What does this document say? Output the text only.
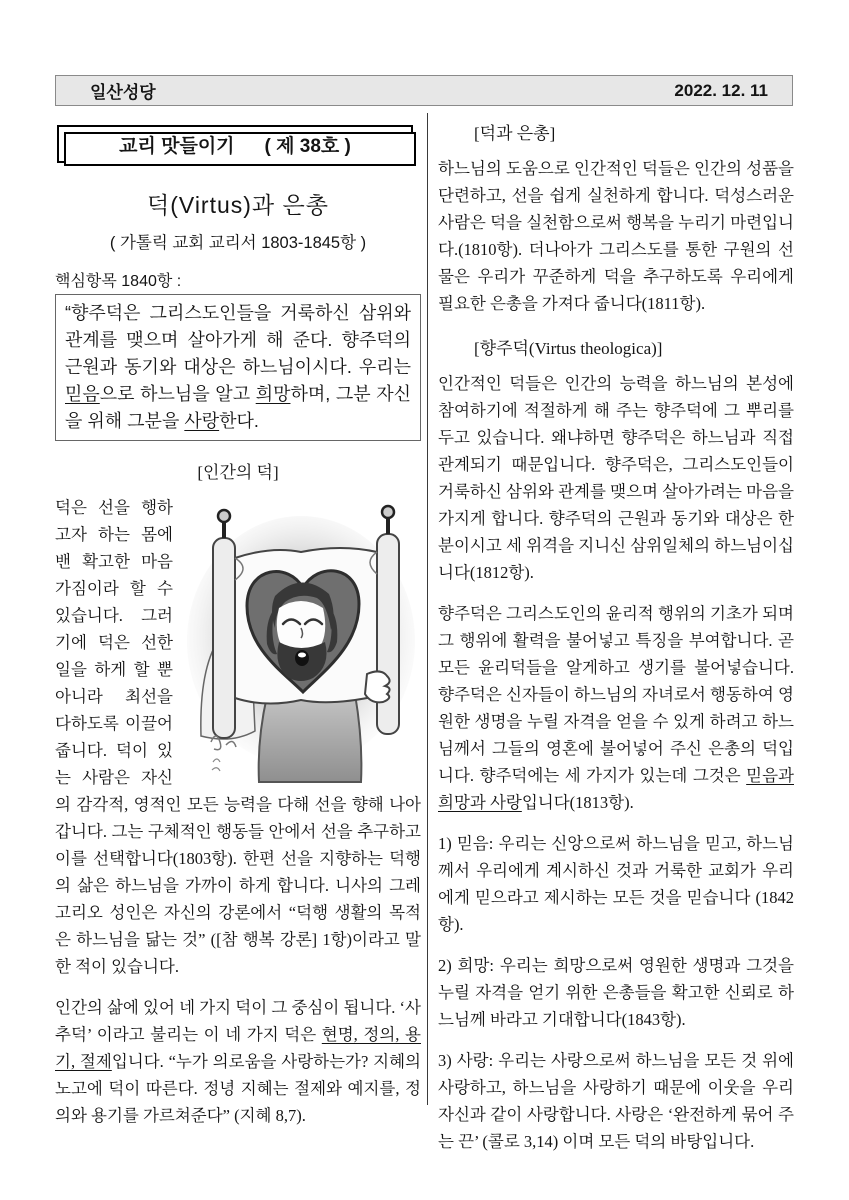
일산성당	2022. 12. 11
교리 맛들이기 ( 제 38호 )
덕(Virtus)과 은총
( 가톨릭 교회 교리서 1803-1845항 )
핵심항목 1840항 :
“향주덕은 그리스도인들을 거룩하신 삼위와 관계를 맺으며 살아가게 해 준다. 향주덕의 근원과 동기와 대상은 하느님이시다. 우리는 믿음으로 하느님을 알고 희망하며, 그분 자신을 위해 그분을 사랑한다.
[인간의 덕]
덕은 선을 행하고자 하는 몸에 밴 확고한 마음가짐이라 할 수 있습니다. 그러기에 덕은 선한 일을 하게 할 뿐 아니라 최선을 다하도록 이끌어 줍니다. 덕이 있는 사람은 자신의 감각적, 영적인 모든 능력을 다해 선을 향해 나아갑니다. 그는 구체적인 행동들 안에서 선을 추구하고 이를 선택합니다(1803항). 한편 선을 지향하는 덕행의 삶은 하느님을 가까이 하게 합니다. 니사의 그레고리오 성인은 자신의 강론에서 “덕행 생활의 목적은 하느님을 닮는 것” ([참 행복 강론] 1항)이라고 말한 적이 있습니다.
인간의 삶에 있어 네 가지 덕이 그 중심이 됩니다. ‘사추덕’ 이라고 불리는 이 네 가지 덕은 현명, 정의, 용기, 절제입니다. “누가 의로움을 사랑하는가? 지혜의 노고에 덕이 따른다. 정녕 지혜는 절제와 예지를, 정의와 용기를 가르쳐준다” (지혜 8,7).
[덕과 은총]
하느님의 도움으로 인간적인 덕들은 인간의 성품을 단련하고, 선을 쉽게 실천하게 합니다. 덕성스러운 사람은 덕을 실천함으로써 행복을 누리기 마련입니다.(1810항). 더나아가 그리스도를 통한 구원의 선물은 우리가 꾸준하게 덕을 추구하도록 우리에게 필요한 은총을 가져다 줍니다(1811항).
[향주덕(Virtus theologica)]
인간적인 덕들은 인간의 능력을 하느님의 본성에 참여하기에 적절하게 해 주는 향주덕에 그 뿌리를 두고 있습니다. 왜냐하면 향주덕은 하느님과 직접 관계되기 때문입니다. 향주덕은, 그리스도인들이 거룩하신 삼위와 관계를 맺으며 살아가려는 마음을 가지게 합니다. 향주덕의 근원과 동기와 대상은 한 분이시고 세 위격을 지니신 삼위일체의 하느님이십니다(1812항).
향주덕은 그리스도인의 윤리적 행위의 기초가 되며 그 행위에 활력을 불어넣고 특징을 부여합니다. 곧 모든 윤리덕들을 알게하고 생기를 불어넣습니다. 향주덕은 신자들이 하느님의 자녀로서 행동하여 영원한 생명을 누릴 자격을 얻을 수 있게 하려고 하느님께서 그들의 영혼에 불어넣어 주신 은총의 덕입니다. 향주덕에는 세 가지가 있는데 그것은 믿음과 희망과 사랑입니다(1813항).
1) 믿음: 우리는 신앙으로써 하느님을 믿고, 하느님께서 우리에게 계시하신 것과 거룩한 교회가 우리에게 믿으라고 제시하는 모든 것을 믿습니다 (1842항).
2) 희망: 우리는 희망으로써 영원한 생명과 그것을 누릴 자격을 얻기 위한 은총들을 확고한 신뢰로 하느님께 바라고 기대합니다(1843항).
3) 사랑: 우리는 사랑으로써 하느님을 모든 것 위에 사랑하고, 하느님을 사랑하기 때문에 이웃을 우리 자신과 같이 사랑합니다. 사랑은 ‘완전하게 묶어 주는 끈’ (콜로 3,14) 이며 모든 덕의 바탕입니다.
